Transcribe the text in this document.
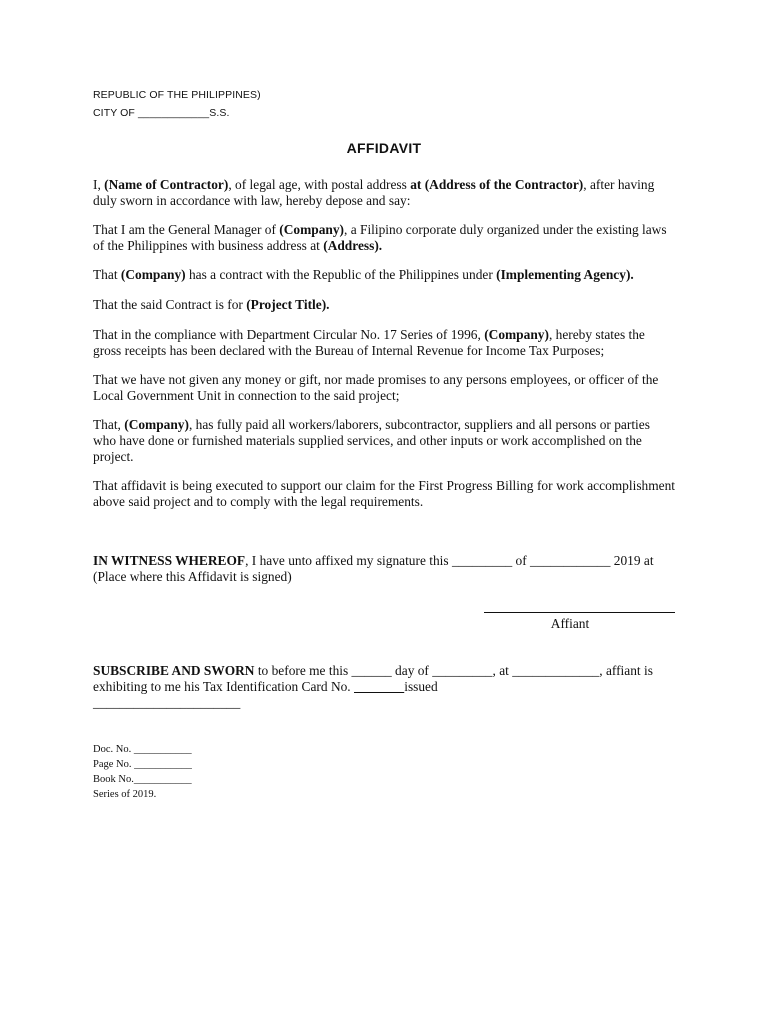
REPUBLIC OF THE PHILIPPINES)
CITY OF ____________S.S.
AFFIDAVIT

I, (Name of Contractor), of legal age, with postal address at (Address of the Contractor), after having duly sworn in accordance with law, hereby depose and say:

That I am the General Manager of (Company), a Filipino corporate duly organized under the existing laws of the Philippines with business address at (Address).

That (Company) has a contract with the Republic of the Philippines under (Implementing Agency).

That the said Contract is for (Project Title).

That in the compliance with Department Circular No. 17 Series of 1996, (Company), hereby states the gross receipts has been declared with the Bureau of Internal Revenue for Income Tax Purposes;

That we have not given any money or gift, nor made promises to any persons employees, or officer of the Local Government Unit in connection to the said project;

That, (Company), has fully paid all workers/laborers, subcontractor, suppliers and all persons or parties who have done or furnished materials supplied services, and other inputs or work accomplished on the project.

That affidavit is being executed to support our claim for the First Progress Billing for work accomplishment above said project and to comply with the legal requirements.

IN WITNESS WHEREOF, I have unto affixed my signature this _________ of ____________ 2019 at (Place where this Affidavit is signed)

Affiant

SUBSCRIBE AND SWORN to before me this ______ day of _________, at _____________, affiant is exhibiting to me his Tax Identification Card No.	issued

______________________
Doc. No. ___________
Page No. ___________
Book No.___________
Series of 2019.
